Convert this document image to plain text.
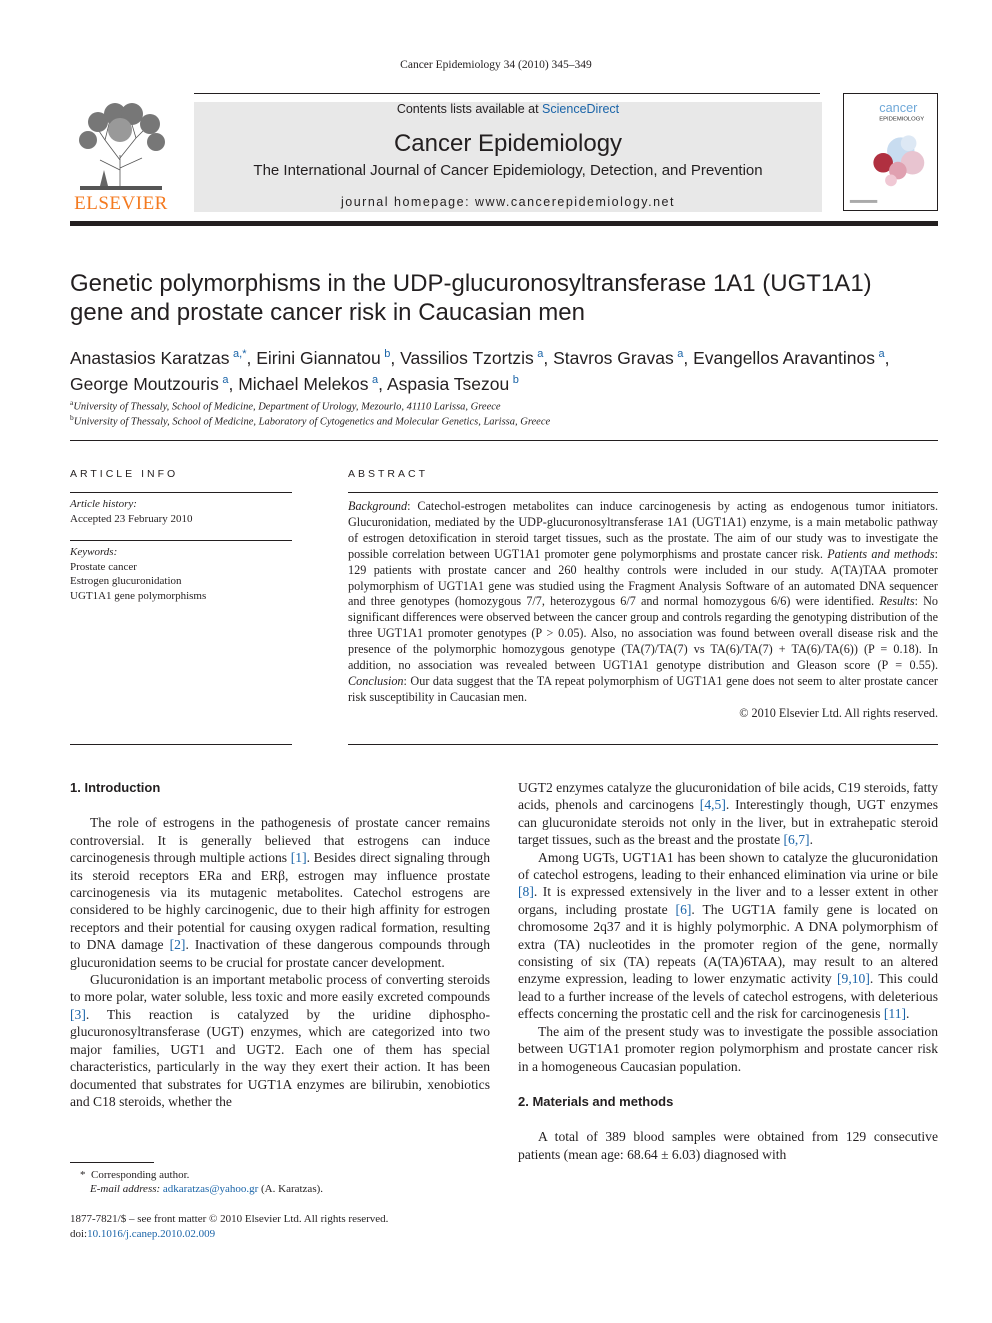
Cancer Epidemiology 34 (2010) 345–349
ELSEVIER
Contents lists available at ScienceDirect
Cancer Epidemiology
The International Journal of Cancer Epidemiology, Detection, and Prevention
journal homepage: www.cancerepidemiology.net
cancer
EPIDEMIOLOGY
Genetic polymorphisms in the UDP-glucuronosyltransferase 1A1 (UGT1A1)
gene and prostate cancer risk in Caucasian men
Anastasios Karatzas  $^{a,*}$, Eirini Giannatou  $^b$, Vassilios Tzortzis  $^a$, Stavros Gravas  $^a$, Evangellos Aravantinos  $^a$,
George Moutzouris  $^a$, Michael Melekos  $^a$, Aspasia Tsezou  $^b$
$^a$University of Thessaly, School of Medicine, Department of Urology, Mezourlo, 41110 Larissa, Greece
$^b$University of Thessaly, School of Medicine, Laboratory of Cytogenetics and Molecular Genetics, Larissa, Greece
ARTICLE INFO	ABSTRACT
Article history:
Accepted 23 February 2010
Keywords:
Prostate cancer
Estrogen glucuronidation
UGT1A1 gene polymorphisms
Background: Catechol-estrogen metabolites can induce carcinogenesis by acting as endogenous tumor initiators. Glucuronidation, mediated by the UDP-glucuronosyltransferase 1A1 (UGT1A1) enzyme, is a main metabolic pathway of estrogen detoxification in steroid target tissues, such as the prostate. The aim of our study was to investigate the possible correlation between UGT1A1 promoter gene polymorphisms and prostate cancer risk. Patients and methods: 129 patients with prostate cancer and 260 healthy controls were included in our study. A(TA)TAA promoter polymorphism of UGT1A1 gene was studied using the Fragment Analysis Software of an automated DNA sequencer and three genotypes (homozygous 7/7, heterozygous 6/7 and normal homozygous 6/6) were identified. Results: No significant differences were observed between the cancer group and controls regarding the genotyping distribution of the three UGT1A1 promoter genotypes (P > 0.05). Also, no association was found between overall disease risk and the presence of the polymorphic homozygous genotype (TA(7)/TA(7) vs TA(6)/TA(7) + TA(6)/TA(6)) (P = 0.18). In addition, no association was revealed between UGT1A1 genotype distribution and Gleason score (P = 0.55). Conclusion: Our data suggest that the TA repeat polymorphism of UGT1A1 gene does not seem to alter prostate cancer risk susceptibility in Caucasian men.
© 2010 Elsevier Ltd. All rights reserved.
1. Introduction

The role of estrogens in the pathogenesis of prostate cancer remains controversial. It is generally believed that estrogens can induce carcinogenesis through multiple actions [1]. Besides direct signaling through its steroid receptors ERa and ERβ, estrogen may influence prostate carcinogenesis via its mutagenic metabolites. Catechol estrogens are considered to be highly carcinogenic, due to their high affinity for estrogen receptors and their potential for causing oxygen radical formation, resulting to DNA damage [2]. Inactivation of these dangerous compounds through glucuronidation seems to be crucial for prostate cancer development.

Glucuronidation is an important metabolic process of converting steroids to more polar, water soluble, less toxic and more easily excreted compounds [3]. This reaction is catalyzed by the uridine diphospho-glucuronosyltransferase (UGT) enzymes, which are categorized into two major families, UGT1 and UGT2. Each one of them has special characteristics, particularly in the way they exert their action. It has been documented that substrates for UGT1A enzymes are bilirubin, xenobiotics and C18 steroids, whether the

UGT2 enzymes catalyze the glucuronidation of bile acids, C19 steroids, fatty acids, phenols and carcinogens [4,5]. Interestingly though, UGT enzymes can glucuronidate steroids not only in the liver, but in extrahepatic steroid target tissues, such as the breast and the prostate [6,7].

Among UGTs, UGT1A1 has been shown to catalyze the glucuronidation of catechol estrogens, leading to their enhanced elimination via urine or bile [8]. It is expressed extensively in the liver and to a lesser extent in other organs, including prostate [6]. The UGT1A family gene is located on chromosome 2q37 and it is highly polymorphic. A DNA polymorphism of extra (TA) nucleotides in the promoter region of the gene, normally consisting of six (TA) repeats (A(TA)6TAA), may result to an altered enzyme expression, leading to lower enzymatic activity [9,10]. This could lead to a further increase of the levels of catechol estrogens, with deleterious effects concerning the prostatic cell and the risk for carcinogenesis [11].

The aim of the present study was to investigate the possible association between UGT1A1 promoter region polymorphism and prostate cancer risk in a homogeneous Caucasian population.

2. Materials and methods

A total of 389 blood samples were obtained from 129 consecutive patients (mean age: 68.64 ± 6.03) diagnosed with

* Corresponding author.
E-mail address: adkaratzas@yahoo.gr (A. Karatzas).
1877-7821/$ – see front matter © 2010 Elsevier Ltd. All rights reserved.
doi:10.1016/j.canep.2010.02.009
